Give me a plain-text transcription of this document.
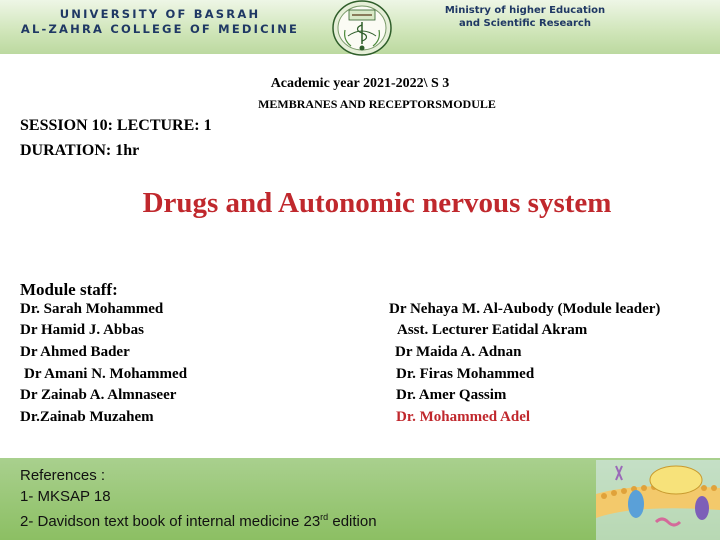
UNIVERSITY OF BASRAH
AL-ZAHRA COLLEGE OF MEDICINE
Ministry of higher Education
and Scientific Research
Academic year 2021-2022\ S 3
MEMBRANES AND RECEPTORSMODULE
SESSION 10: LECTURE: 1
DURATION: 1hr
Drugs and Autonomic nervous system
Module staff:
Dr. Sarah Mohammed
Dr Hamid J. Abbas
Dr Ahmed Bader
Dr Amani N. Mohammed
Dr Zainab A. Almnaseer
Dr.Zainab Muzahem
Dr Nehaya M. Al-Aubody (Module leader)
Asst. Lecturer Eatidal Akram
Dr Maida A. Adnan
Dr. Firas Mohammed
Dr. Amer Qassim
Dr. Mohammed Adel
References :
1- MKSAP 18
2- Davidson text book of internal medicine 23rd edition
